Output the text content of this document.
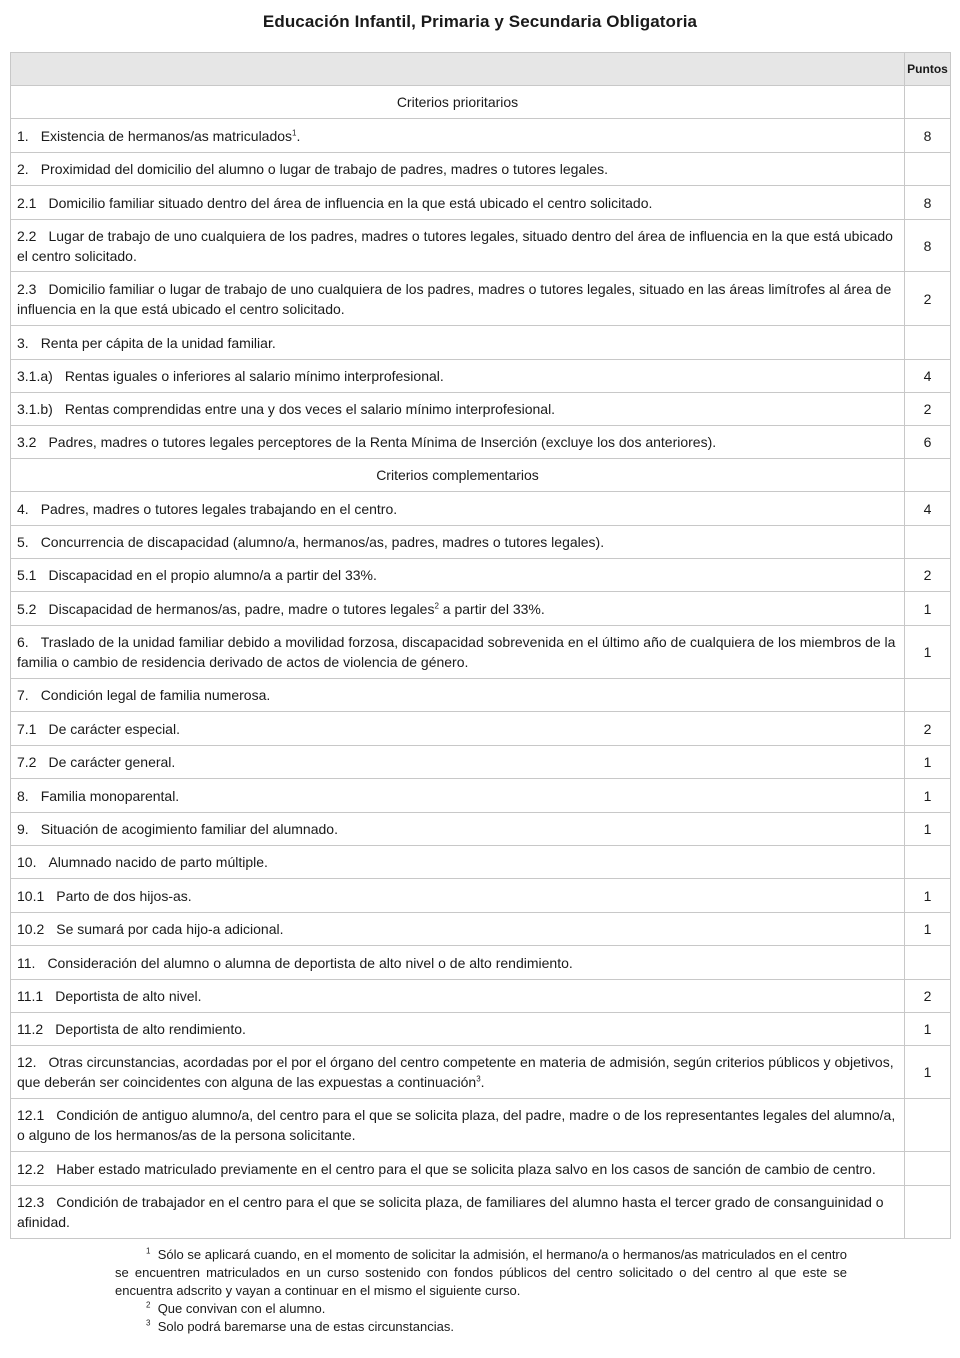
Educación Infantil, Primaria y Secundaria Obligatoria
	Puntos
Criterios prioritarios	
1. Existencia de hermanos/as matriculados$^1$.	8
2. Proximidad del domicilio del alumno o lugar de trabajo de padres, madres o tutores legales.	
2.1 Domicilio familiar situado dentro del área de influencia en la que está ubicado el centro solicitado.	8
2.2 Lugar de trabajo de uno cualquiera de los padres, madres o tutores legales, situado dentro del área de influencia en la que está ubicado el centro solicitado.	8
2.3 Domicilio familiar o lugar de trabajo de uno cualquiera de los padres, madres o tutores legales, situado en las áreas limítrofes al área de influencia en la que está ubicado el centro solicitado.	2
3. Renta per cápita de la unidad familiar.	
3.1.a) Rentas iguales o inferiores al salario mínimo interprofesional.	4
3.1.b) Rentas comprendidas entre una y dos veces el salario mínimo interprofesional.	2
3.2 Padres, madres o tutores legales perceptores de la Renta Mínima de Inserción (excluye los dos anteriores).	6
Criterios complementarios	
4. Padres, madres o tutores legales trabajando en el centro.	4
5. Concurrencia de discapacidad (alumno/a, hermanos/as, padres, madres o tutores legales).	
5.1 Discapacidad en el propio alumno/a a partir del 33%.	2
5.2 Discapacidad de hermanos/as, padre, madre o tutores legales$^2$ a partir del 33%.	1
6. Traslado de la unidad familiar debido a movilidad forzosa, discapacidad sobrevenida en el último año de cualquiera de los miembros de la familia o cambio de residencia derivado de actos de violencia de género.	1
7. Condición legal de familia numerosa.	
7.1 De carácter especial.	2
7.2 De carácter general.	1
8. Familia monoparental.	1
9. Situación de acogimiento familiar del alumnado.	1
10. Alumnado nacido de parto múltiple.	
10.1 Parto de dos hijos-as.	1
10.2 Se sumará por cada hijo-a adicional.	1
11. Consideración del alumno o alumna de deportista de alto nivel o de alto rendimiento.	
11.1 Deportista de alto nivel.	2
11.2 Deportista de alto rendimiento.	1
12. Otras circunstancias, acordadas por el por el órgano del centro competente en materia de admisión, según criterios públicos y objetivos, que deberán ser coincidentes con alguna de las expuestas a continuación$^3$.	1
12.1 Condición de antiguo alumno/a, del centro para el que se solicita plaza, del padre, madre o de los representantes legales del alumno/a, o alguno de los hermanos/as de la persona solicitante.	
12.2 Haber estado matriculado previamente en el centro para el que se solicita plaza salvo en los casos de sanción de cambio de centro.	
12.3 Condición de trabajador en el centro para el que se solicita plaza, de familiares del alumno hasta el tercer grado de consanguinidad o afinidad.	

$^1$ Sólo se aplicará cuando, en el momento de solicitar la admisión, el hermano/a o hermanos/as matriculados en el centro se encuentren matriculados en un curso sostenido con fondos públicos del centro solicitado o del centro al que este se encuentra adscrito y vayan a continuar en el mismo el siguiente curso.

$^2$ Que convivan con el alumno.

$^3$ Solo podrá baremarse una de estas circunstancias.
